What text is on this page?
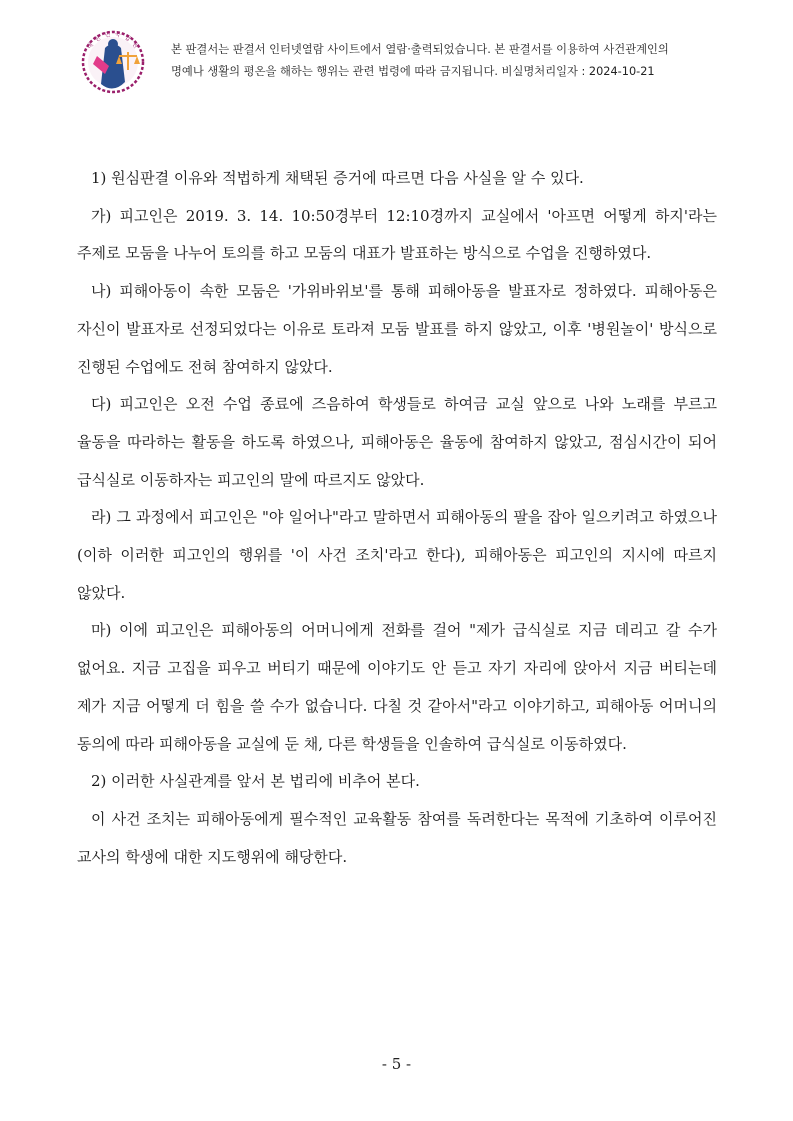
대 한 민 국 법 원	본 판결서는 판결서 인터넷열람 사이트에서 열람·출력되었습니다. 본 판결서를 이용하여 사건관계인의

명예나 생활의 평온을 해하는 행위는 관련 법령에 따라 금지됩니다. 비실명처리일자 : 2024-10-21

1) 원심판결 이유와 적법하게 채택된 증거에 따르면 다음 사실을 알 수 있다.

가) 피고인은 2019. 3. 14. 10:50경부터 12:10경까지 교실에서 '아프면 어떻게 하지'라는 주제로 모둠을 나누어 토의를 하고 모둠의 대표가 발표하는 방식으로 수업을 진행하였다.

나) 피해아동이 속한 모둠은 '가위바위보'를 통해 피해아동을 발표자로 정하였다. 피해아동은 자신이 발표자로 선정되었다는 이유로 토라져 모둠 발표를 하지 않았고, 이후 '병원놀이' 방식으로 진행된 수업에도 전혀 참여하지 않았다.

다) 피고인은 오전 수업 종료에 즈음하여 학생들로 하여금 교실 앞으로 나와 노래를 부르고 율동을 따라하는 활동을 하도록 하였으나, 피해아동은 율동에 참여하지 않았고, 점심시간이 되어 급식실로 이동하자는 피고인의 말에 따르지도 않았다.

라) 그 과정에서 피고인은 "야 일어나"라고 말하면서 피해아동의 팔을 잡아 일으키려고 하였으나(이하 이러한 피고인의 행위를 '이 사건 조치'라고 한다), 피해아동은 피고인의 지시에 따르지 않았다.

마) 이에 피고인은 피해아동의 어머니에게 전화를 걸어 "제가 급식실로 지금 데리고 갈 수가 없어요. 지금 고집을 피우고 버티기 때문에 이야기도 안 듣고 자기 자리에 앉아서 지금 버티는데 제가 지금 어떻게 더 힘을 쓸 수가 없습니다. 다칠 것 같아서"라고 이야기하고, 피해아동 어머니의 동의에 따라 피해아동을 교실에 둔 채, 다른 학생들을 인솔하여 급식실로 이동하였다.

2) 이러한 사실관계를 앞서 본 법리에 비추어 본다.

이 사건 조치는 피해아동에게 필수적인 교육활동 참여를 독려한다는 목적에 기초하여 이루어진 교사의 학생에 대한 지도행위에 해당한다.

- 5 -
